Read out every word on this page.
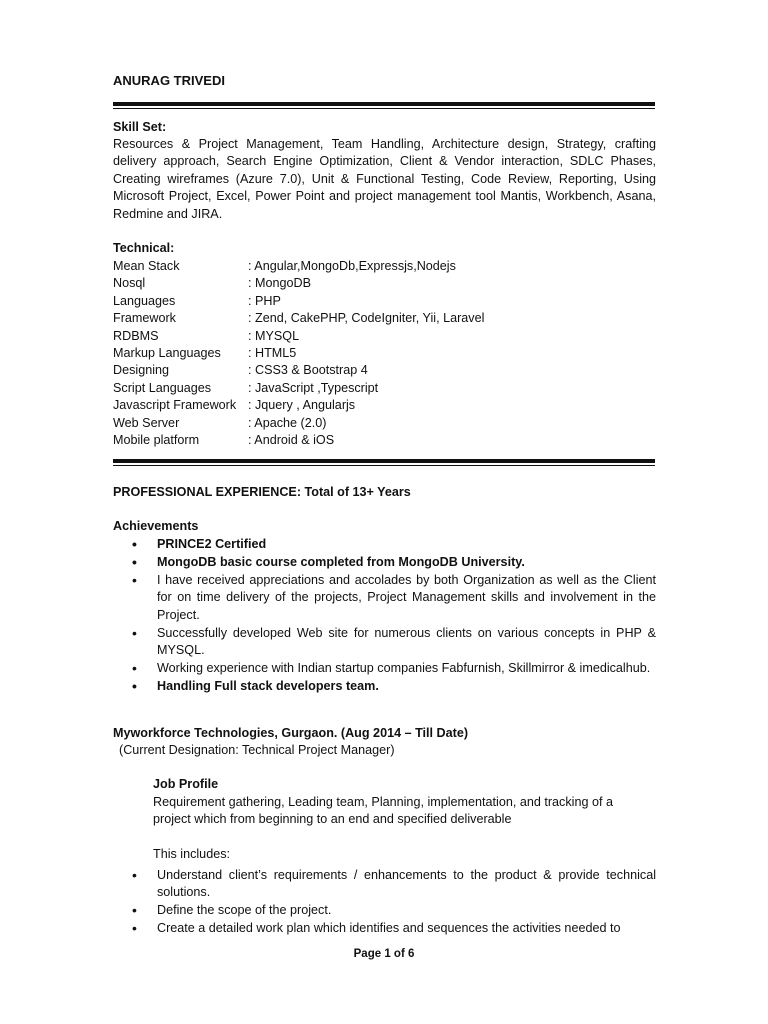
ANURAG TRIVEDI
Skill Set:
Resources & Project Management, Team Handling, Architecture design, Strategy, crafting delivery approach, Search Engine Optimization, Client & Vendor interaction, SDLC Phases, Creating wireframes (Azure 7.0), Unit & Functional Testing, Code Review, Reporting, Using Microsoft Project, Excel, Power Point and project management tool Mantis, Workbench, Asana, Redmine and JIRA.
Technical:
Mean Stack	: Angular,MongoDb,Expressjs,Nodejs
Nosql	: MongoDB
Languages	: PHP
Framework	: Zend, CakePHP, CodeIgniter, Yii, Laravel
RDBMS	: MYSQL
Markup Languages	: HTML5
Designing	: CSS3 & Bootstrap 4
Script Languages	: JavaScript ,Typescript
Javascript Framework : Jquery , Angularjs
Web Server	: Apache (2.0)
Mobile platform	: Android & iOS
PROFESSIONAL EXPERIENCE: Total of 13+ Years
Achievements
• PRINCE2 Certified
• MongoDB basic course completed from MongoDB University.
• I have received appreciations and accolades by both Organization as well as the Client for on time delivery of the projects, Project Management skills and involvement in the Project.
• Successfully developed Web site for numerous clients on various concepts in PHP & MYSQL.
• Working experience with Indian startup companies Fabfurnish, Skillmirror & imedicalhub.
• Handling Full stack developers team.
Myworkforce Technologies, Gurgaon. (Aug 2014 – Till Date)
(Current Designation: Technical Project Manager)
Job Profile
Requirement gathering, Leading team, Planning, implementation, and tracking of a project which from beginning to an end and specified deliverable
This includes:
• Understand client’s requirements / enhancements to the product & provide technical solutions.
• Define the scope of the project.
• Create a detailed work plan which identifies and sequences the activities needed to
Page 1 of 6
